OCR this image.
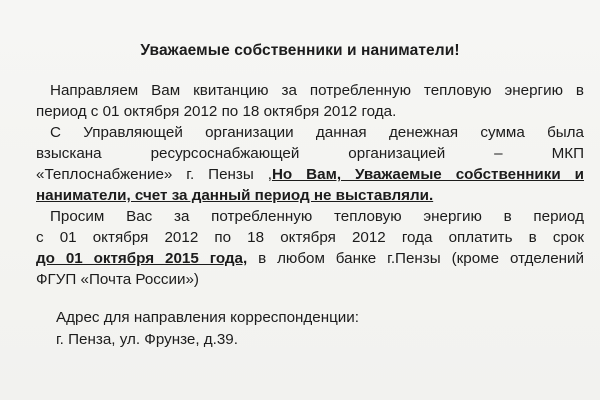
Уважаемые собственники и наниматели!
Направляем Вам квитанцию за потребленную тепловую энергию в
период с 01 октября 2012 по 18 октября 2012 года.
С Управляющей организации данная денежная сумма была
взыскана ресурсоснабжающей организацией – МКП
«Теплоснабжение» г. Пензы ,Но Вам, Уважаемые собственники и
наниматели, счет за данный период не выставляли.
Просим Вас за потребленную тепловую энергию в период
с 01 октября 2012 по 18 октября 2012 года оплатить в срок
до 01 октября 2015 года, в любом банке г.Пензы (кроме отделений
ФГУП «Почта России»)
Адрес для направления корреспонденции:
г. Пенза, ул. Фрунзе, д.39.
